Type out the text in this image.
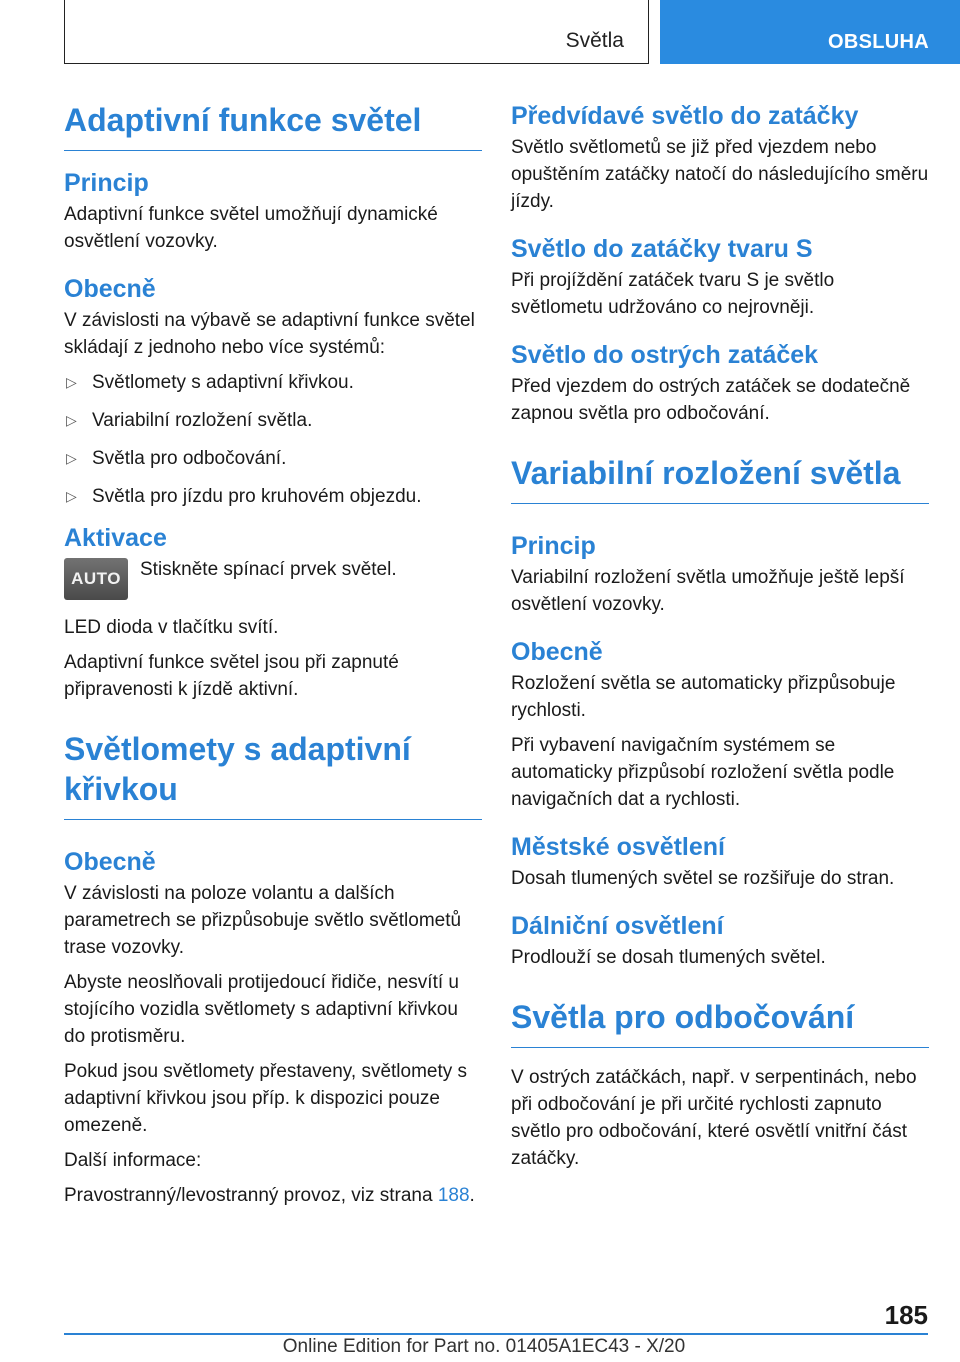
Světla	OBSLUHA
Adaptivní funkce světel
Princip
Adaptivní funkce světel umožňují dynamické osvětlení vozovky.
Obecně
V závislosti na výbavě se adaptivní funkce světel skládají z jednoho nebo více systémů:
▷ Světlomety s adaptivní křivkou.
▷ Variabilní rozložení světla.
▷ Světla pro odbočování.
▷ Světla pro jízdu pro kruhovém objezdu.
Aktivace
AUTO	Stiskněte spínací prvek světel.
LED dioda v tlačítku svítí.
Adaptivní funkce světel jsou při zapnuté připravenosti k jízdě aktivní.
Světlomety s adaptivní křivkou
Obecně
V závislosti na poloze volantu a dalších parametrech se přizpůsobuje světlo světlometů trase vozovky.
Abyste neoslňovali protijedoucí řidiče, nesvítí u stojícího vozidla světlomety s adaptivní křivkou do protisměru.
Pokud jsou světlomety přestaveny, světlomety s adaptivní křivkou jsou příp. k dispozici pouze omezeně.
Další informace:
Pravostranný/levostranný provoz, viz strana 188.
Předvídavé světlo do zatáčky
Světlo světlometů se již před vjezdem nebo opuštěním zatáčky natočí do následujícího směru jízdy.
Světlo do zatáčky tvaru S
Při projíždění zatáček tvaru S je světlo světlometu udržováno co nejrovněji.
Světlo do ostrých zatáček
Před vjezdem do ostrých zatáček se dodatečně zapnou světla pro odbočování.
Variabilní rozložení světla
Princip
Variabilní rozložení světla umožňuje ještě lepší osvětlení vozovky.
Obecně
Rozložení světla se automaticky přizpůsobuje rychlosti.
Při vybavení navigačním systémem se automaticky přizpůsobí rozložení světla podle navigačních dat a rychlosti.
Městské osvětlení
Dosah tlumených světel se rozšiřuje do stran.
Dálniční osvětlení
Prodlouží se dosah tlumených světel.
Světla pro odbočování
V ostrých zatáčkách, např. v serpentinách, nebo při odbočování je při určité rychlosti zapnuto světlo pro odbočování, které osvětlí vnitřní část zatáčky.
185
Online Edition for Part no. 01405A1EC43 - X/20
